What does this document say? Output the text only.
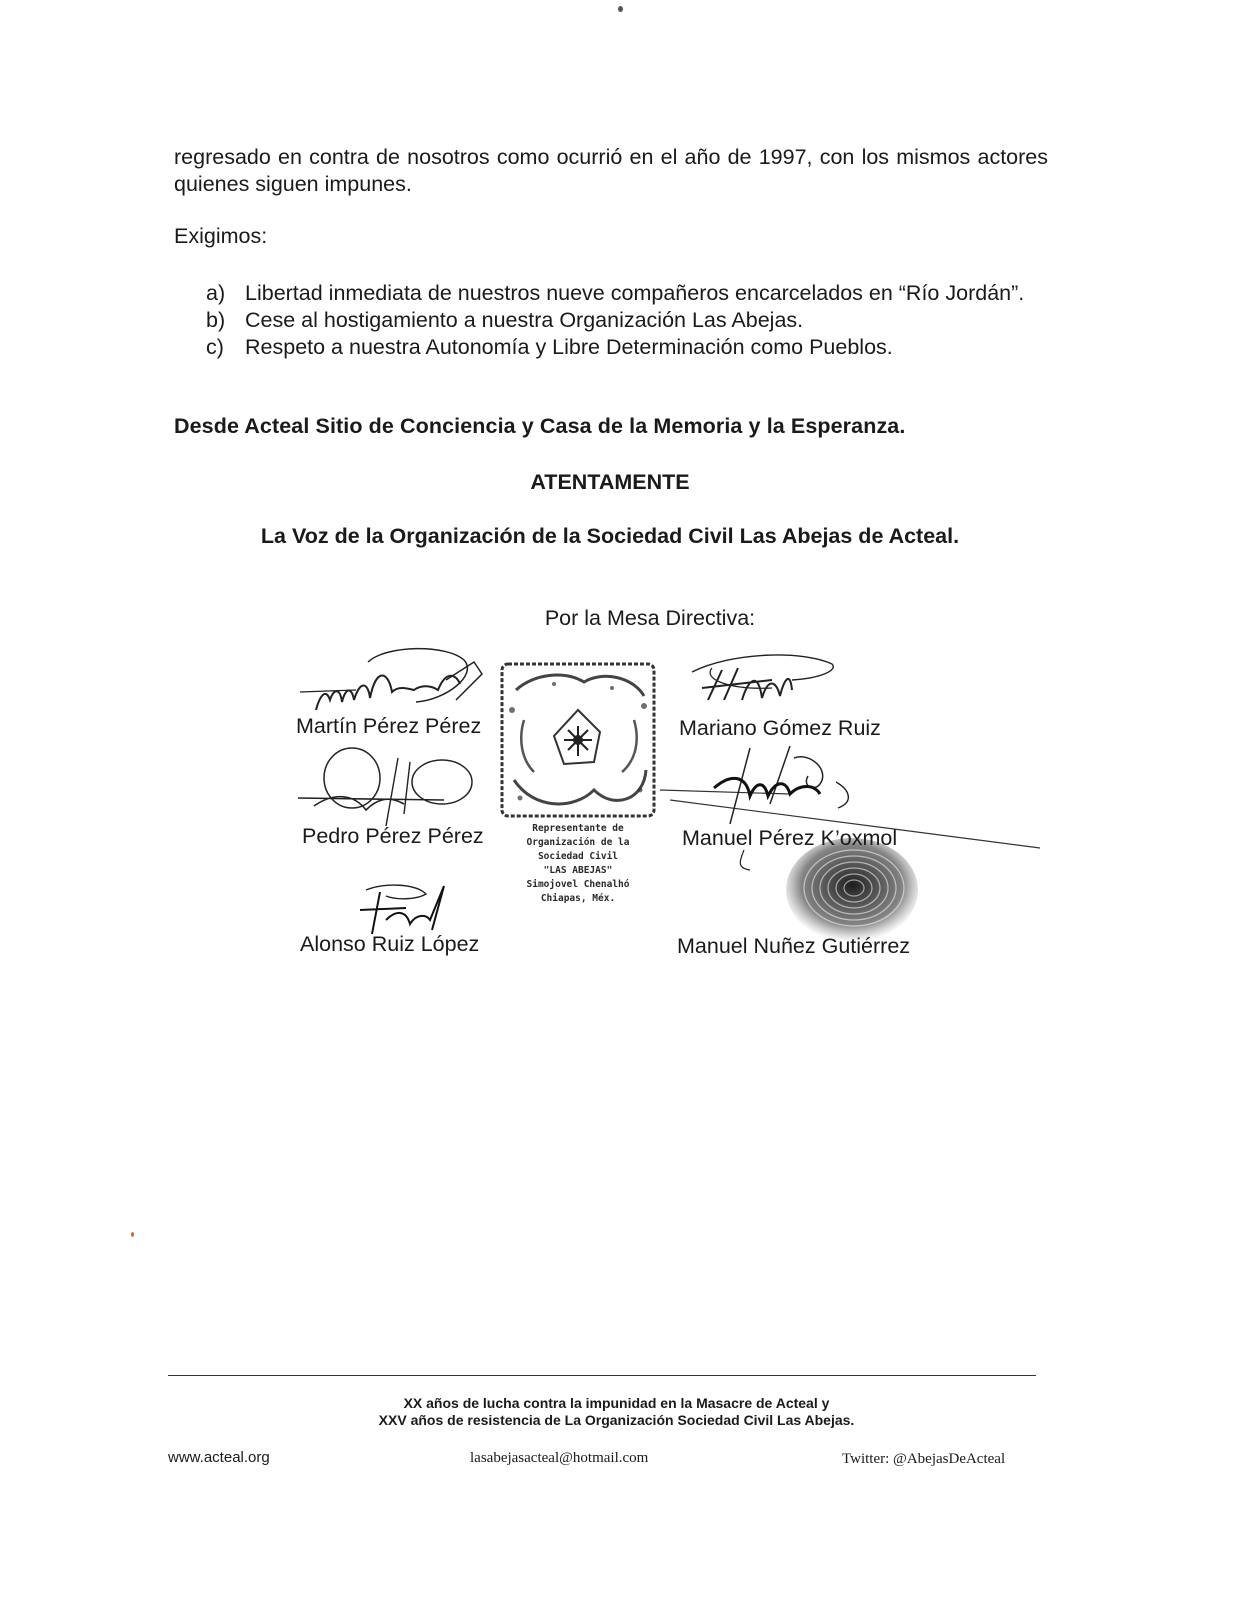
regresado en contra de nosotros como ocurrió en el año de 1997, con los mismos actores quienes siguen impunes.

Exigimos:

a) Libertad inmediata de nuestros nueve compañeros encarcelados en “Río Jordán”.
b) Cese al hostigamiento a nuestra Organización Las Abejas.
c) Respeto a nuestra Autonomía y Libre Determinación como Pueblos.

Desde Acteal Sitio de Conciencia y Casa de la Memoria y la Esperanza.

ATENTAMENTE

La Voz de la Organización de la Sociedad Civil Las Abejas de Acteal.

Por la Mesa Directiva:

Representante de
Organización de la
Sociedad Civil
"LAS ABEJAS"
Simojovel Chenalhó
Chiapas, Méx.

Martín Pérez Pérez	Mariano Gómez Ruiz

Pedro Pérez Pérez	Manuel Pérez K’oxmol

Alonso Ruiz López	Manuel Nuñez Gutiérrez

XX años de lucha contra la impunidad en la Masacre de Acteal y

XXV años de resistencia de La Organización Sociedad Civil Las Abejas.

www.acteal.org	lasabejasacteal@hotmail.com	Twitter: @AbejasDeActeal
